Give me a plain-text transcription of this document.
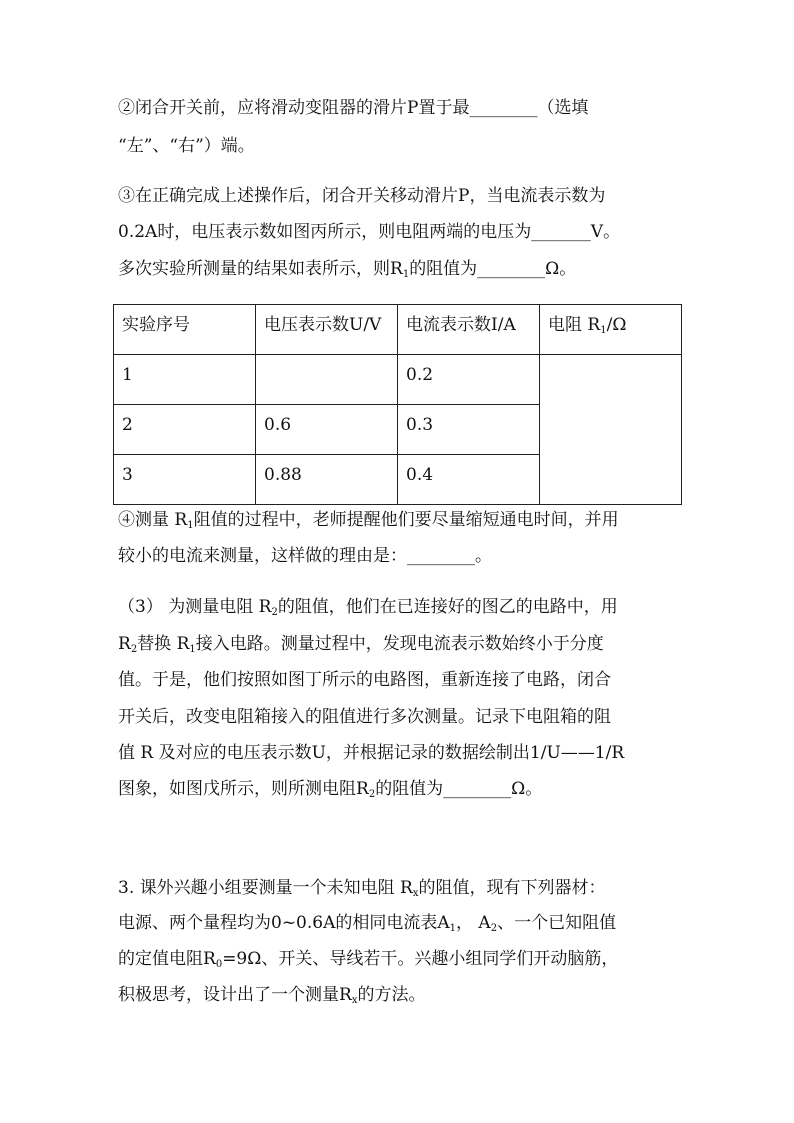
②闭合开关前，应将滑动变阻器的滑片P置于最________（选填
“左”、“右”）端。
③在正确完成上述操作后，闭合开关移动滑片P，当电流表示数为
0.2A时，电压表示数如图丙所示，则电阻两端的电压为_______V。
多次实验所测量的结果如表所示，则$R_1$的阻值为________Ω。
实验序号	电压表示数U/V	电流表示数I/A	电阻 $R_1/\Omega$

1		0.2	

2	0.6	0.3	

3	0.88	0.4	
④测量 $R_1$阻值的过程中，老师提醒他们要尽量缩短通电时间，并用
较小的电流来测量，这样做的理由是：________。
（3） 为测量电阻 $R_2$的阻值，他们在已连接好的图乙的电路中，用
$R_2$替换 $R_1$接入电路。测量过程中，发现电流表示数始终小于分度
值。于是，他们按照如图丁所示的电路图，重新连接了电路，闭合
开关后，改变电阻箱接入的阻值进行多次测量。记录下电阻箱的阻
值 R 及对应的电压表示数U，并根据记录的数据绘制出1/U——1/R
图象，如图戊所示，则所测电阻$R_2$的阻值为________Ω。
3. 课外兴趣小组要测量一个未知电阻 $R_x$的阻值，现有下列器材：
电源、两个量程均为0~0.6A的相同电流表$A_1$， $A_2$、一个已知阻值
的定值电阻$R_0=9\Omega$、开关、导线若干。兴趣小组同学们开动脑筋，
积极思考，设计出了一个测量$R_x$的方法。
